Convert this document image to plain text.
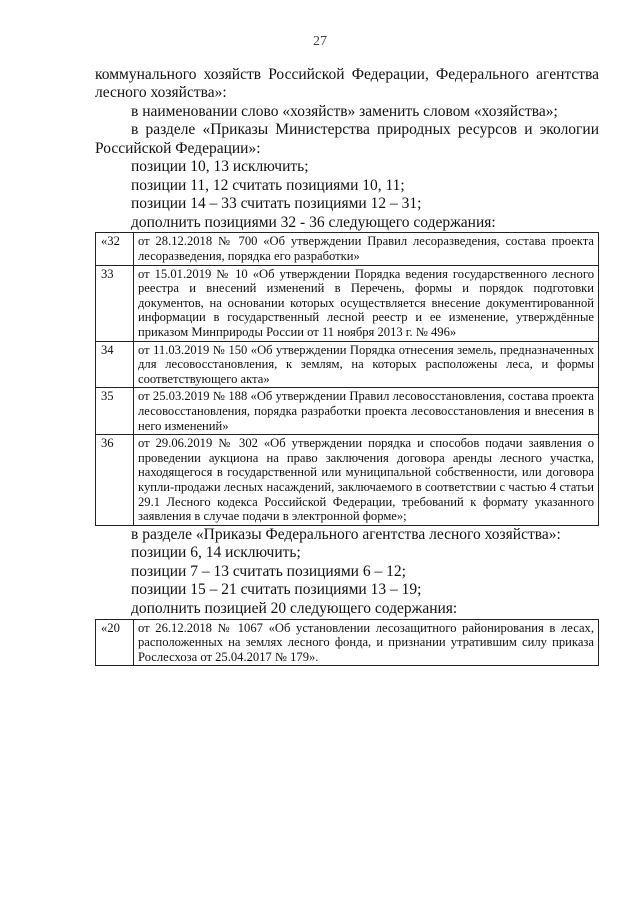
27

коммунального хозяйств Российской Федерации, Федерального агентства лесного хозяйства»:

в наименовании слово «хозяйств» заменить словом «хозяйства»;

в разделе «Приказы Министерства природных ресурсов и экологии Российской Федерации»:

позиции 10, 13 исключить;

позиции 11, 12 считать позициями 10, 11;

позиции 14 – 33 считать позициями 12 – 31;

дополнить позициями 32 - 36 следующего содержания:

«32	от 28.12.2018 № 700 «Об утверждении Правил лесоразведения, состава проекта лесоразведения, порядка его разработки»
33	от 15.01.2019 № 10 «Об утверждении Порядка ведения государственного лесного реестра и внесений изменений в Перечень, формы и порядок подготовки документов, на основании которых осуществляется внесение документированной информации в государственный лесной реестр и ее изменение, утверждённые приказом Минприроды России от 11 ноября 2013 г. № 496»
34	от 11.03.2019 № 150 «Об утверждении Порядка отнесения земель, предназначенных для лесовосстановления, к землям, на которых расположены леса, и формы соответствующего акта»
35	от 25.03.2019 № 188 «Об утверждении Правил лесовосстановления, состава проекта лесовосстановления, порядка разработки проекта лесовосстановления и внесения в него изменений»
36	от 29.06.2019 № 302 «Об утверждении порядка и способов подачи заявления о проведении аукциона на право заключения договора аренды лесного участка, находящегося в государственной или муниципальной собственности, или договора купли-продажи лесных насаждений, заключаемого в соответствии с частью 4 статьи 29.1 Лесного кодекса Российской Федерации, требований к формату указанного заявления в случае подачи в электронной форме»;

в разделе «Приказы Федерального агентства лесного хозяйства»:

позиции 6, 14 исключить;

позиции 7 – 13 считать позициями 6 – 12;

позиции 15 – 21 считать позициями 13 – 19;

дополнить позицией 20 следующего содержания:

«20	от 26.12.2018 № 1067 «Об установлении лесозащитного районирования в лесах, расположенных на землях лесного фонда, и признании утратившим силу приказа Рослесхоза от 25.04.2017 № 179».
